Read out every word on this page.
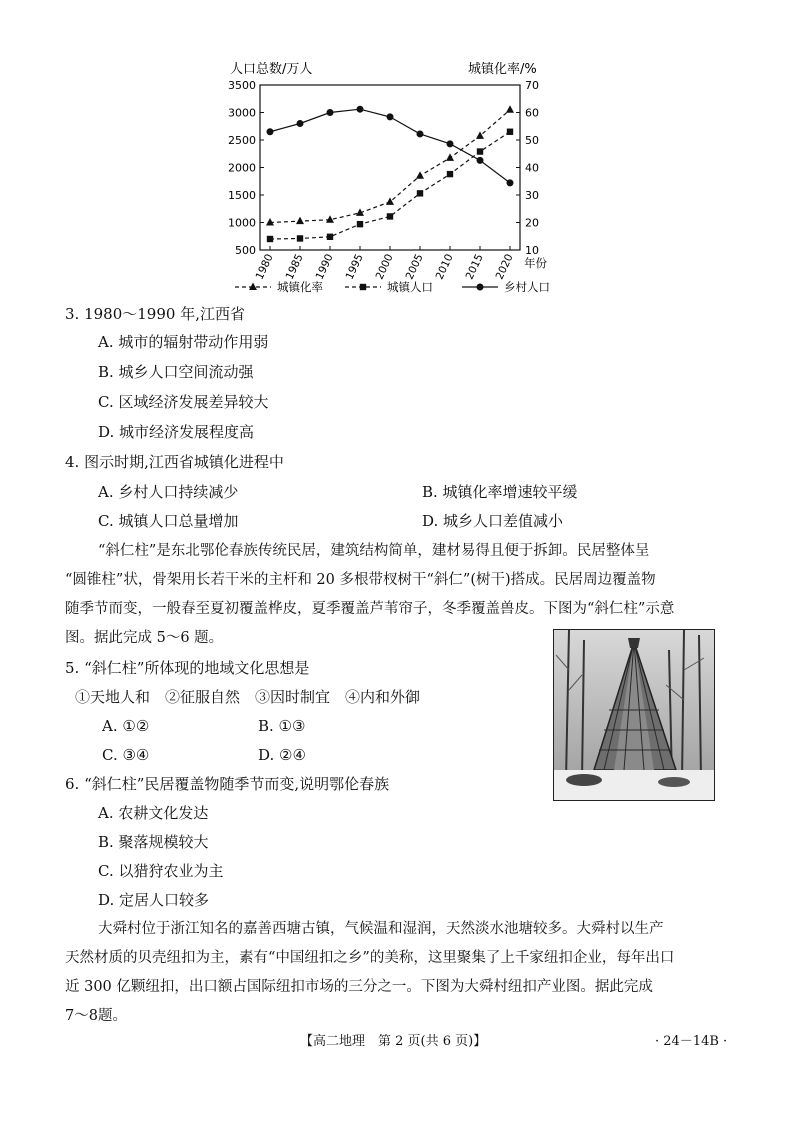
人口总数/万人	城镇化率/%
3500
3000
2500
2000
1500
1000
500
70
60
50
40
30
20
10
1980 1985 1990 1995 2000 2005 2010 2015 2020 年份
城镇化率	城镇人口	乡村人口
3. 1980～1990 年,江西省
A. 城市的辐射带动作用弱
B. 城乡人口空间流动强
C. 区域经济发展差异较大
D. 城市经济发展程度高
4. 图示时期,江西省城镇化进程中
A. 乡村人口持续减少	B. 城镇化率增速较平缓
C. 城镇人口总量增加	D. 城乡人口差值减小
“斜仁柱”是东北鄂伦春族传统民居，建筑结构简单，建材易得且便于拆卸。民居整体呈
“圆锥柱”状，骨架用长若干米的主杆和 20 多根带杈树干“斜仁”(树干)搭成。民居周边覆盖物
随季节而变，一般春至夏初覆盖桦皮，夏季覆盖芦苇帘子，冬季覆盖兽皮。下图为“斜仁柱”示意
图。据此完成 5～6 题。
5. “斜仁柱”所体现的地域文化思想是
①天地人和　②征服自然　③因时制宜　④内和外御
A. ①②	B. ①③
C. ③④	D. ②④
6. “斜仁柱”民居覆盖物随季节而变,说明鄂伦春族
A. 农耕文化发达
B. 聚落规模较大
C. 以猎狩农业为主
D. 定居人口较多
大舜村位于浙江知名的嘉善西塘古镇，气候温和湿润，天然淡水池塘较多。大舜村以生产
天然材质的贝壳纽扣为主，素有“中国纽扣之乡”的美称，这里聚集了上千家纽扣企业，每年出口
近 300 亿颗纽扣，出口额占国际纽扣市场的三分之一。下图为大舜村纽扣产业图。据此完成
7～8题。
【高二地理　第 2 页(共 6 页)】	· 24－14B ·
